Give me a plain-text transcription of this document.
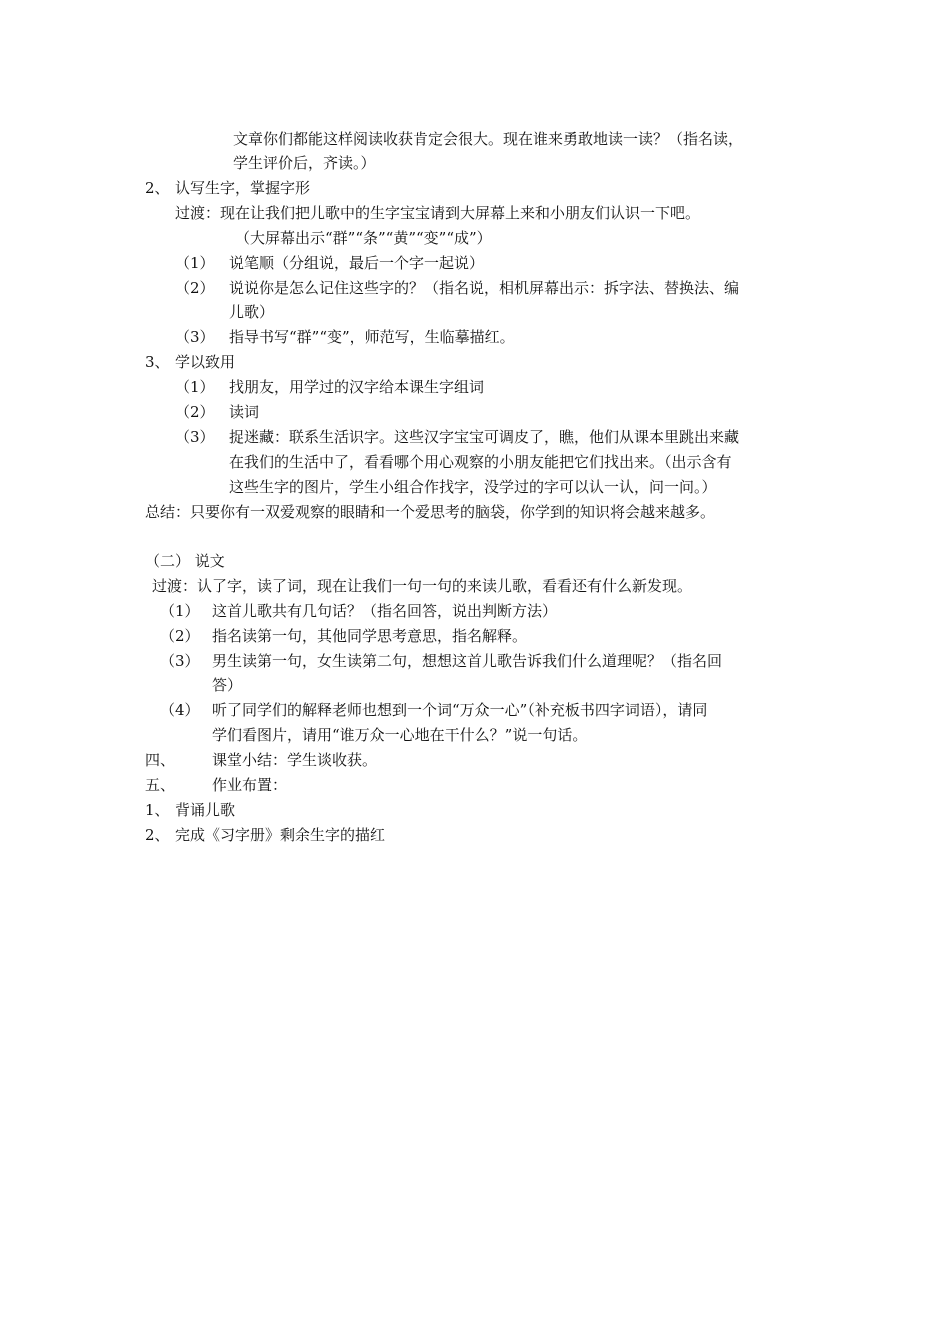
文章你们都能这样阅读收获肯定会很大。现在谁来勇敢地读一读？（指名读，
学生评价后，齐读。）
2、 认写生字，掌握字形
过渡：现在让我们把儿歌中的生字宝宝请到大屏幕上来和小朋友们认识一下吧。
（大屏幕出示“群”“条”“黄”“变”“成”）
（1） 说笔顺（分组说，最后一个字一起说）
（2） 说说你是怎么记住这些字的？（指名说，相机屏幕出示：拆字法、替换法、编
儿歌）
（3） 指导书写“群”“变”，师范写，生临摹描红。
3、 学以致用
（1） 找朋友，用学过的汉字给本课生字组词
（2） 读词
（3） 捉迷藏：联系生活识字。这些汉字宝宝可调皮了，瞧，他们从课本里跳出来藏
在我们的生活中了，看看哪个用心观察的小朋友能把它们找出来。（出示含有
这些生字的图片，学生小组合作找字，没学过的字可以认一认，问一问。）
总结：只要你有一双爱观察的眼睛和一个爱思考的脑袋，你学到的知识将会越来越多。
（二） 说文
过渡：认了字，读了词，现在让我们一句一句的来读儿歌，看看还有什么新发现。
（1） 这首儿歌共有几句话？（指名回答，说出判断方法）
（2） 指名读第一句，其他同学思考意思，指名解释。
（3） 男生读第一句，女生读第二句，想想这首儿歌告诉我们什么道理呢？（指名回
答）
（4） 听了同学们的解释老师也想到一个词“万众一心”（补充板书四字词语），请同
学们看图片，请用“谁万众一心地在干什么？”说一句话。
四、 课堂小结：学生谈收获。
五、 作业布置：
1、 背诵儿歌
2、 完成《习字册》剩余生字的描红
